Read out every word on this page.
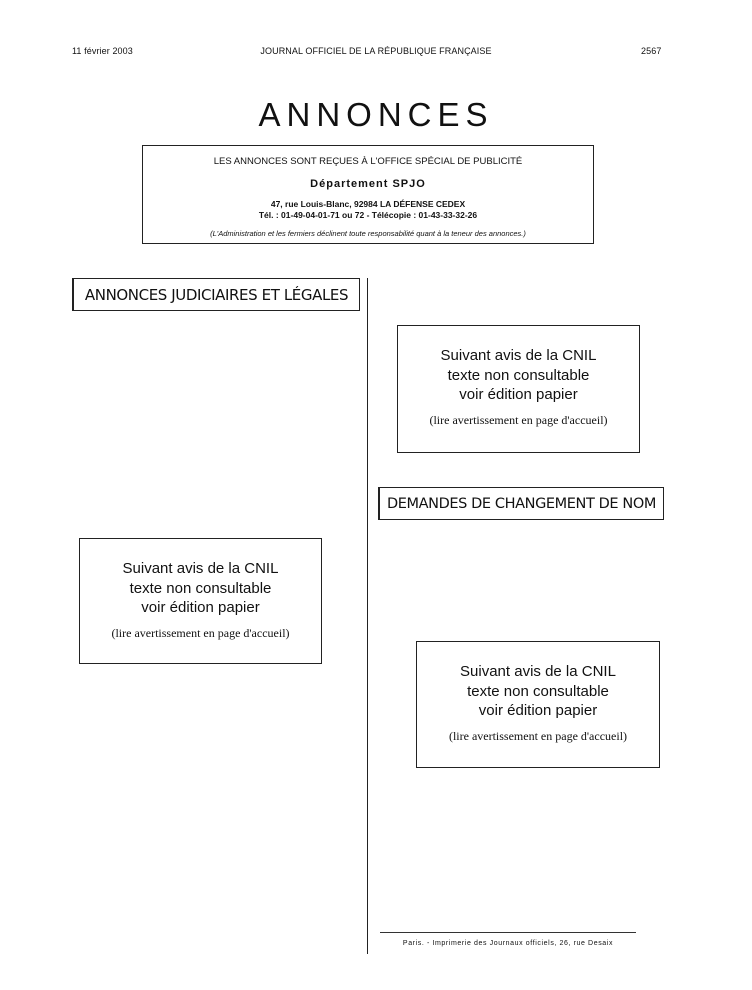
11 février 2003	JOURNAL OFFICIEL DE LA RÉPUBLIQUE FRANÇAISE	2567
ANNONCES
LES ANNONCES SONT REÇUES À L'OFFICE SPÉCIAL DE PUBLICITÉ
Département SPJO
47, rue Louis-Blanc, 92984 LA DÉFENSE CEDEX
Tél. : 01-49-04-01-71 ou 72 - Télécopie : 01-43-33-32-26
(L'Administration et les fermiers déclinent toute responsabilité quant à la teneur des annonces.)
ANNONCES JUDICIAIRES ET LÉGALES
DEMANDES DE CHANGEMENT DE NOM
Suivant avis de la CNIL
texte non consultable
voir édition papier
(lire avertissement en page d'accueil)
Suivant avis de la CNIL
texte non consultable
voir édition papier
(lire avertissement en page d'accueil)
Suivant avis de la CNIL
texte non consultable
voir édition papier
(lire avertissement en page d'accueil)
Paris. - Imprimerie des Journaux officiels, 26, rue Desaix
